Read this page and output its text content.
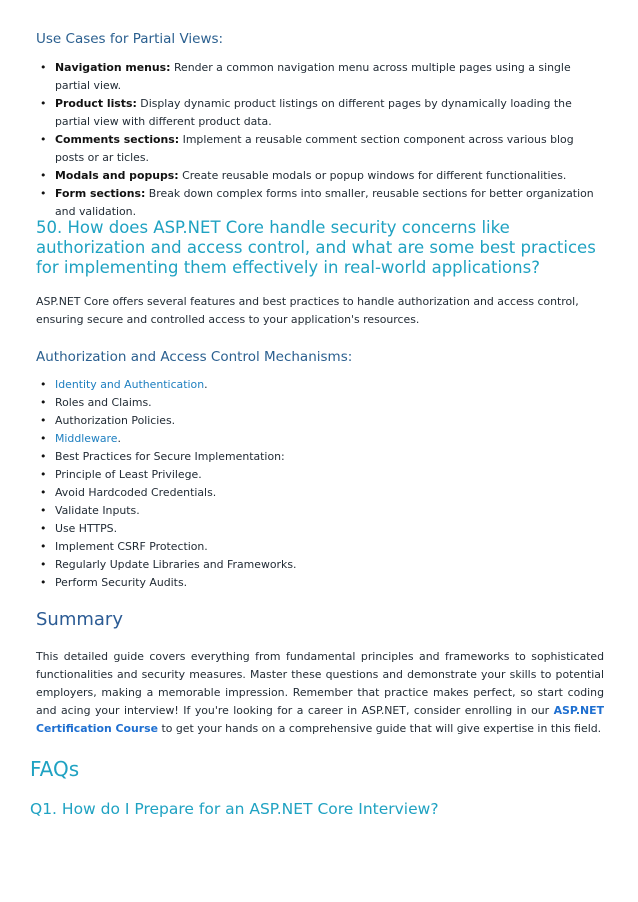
Use Cases for Partial Views:
• Navigation menus: Render a common navigation menu across multiple pages using a single partial view.
• Product lists: Display dynamic product listings on different pages by dynamically loading the partial view with different product data.
• Comments sections: Implement a reusable comment section component across various blog posts or ar ticles.
• Modals and popups: Create reusable modals or popup windows for different functionalities.
• Form sections: Break down complex forms into smaller, reusable sections for better organization and validation.
50. How does ASP.NET Core handle security concerns like authorization and access control, and what are some best practices for implementing them effectively in real-world applications?

ASP.NET Core offers several features and best practices to handle authorization and access control, ensuring secure and controlled access to your application's resources.

Authorization and Access Control Mechanisms:
• Identity and Authentication.
• Roles and Claims.
• Authorization Policies.
• Middleware.
• Best Practices for Secure Implementation:
• Principle of Least Privilege.
• Avoid Hardcoded Credentials.
• Validate Inputs.
• Use HTTPS.
• Implement CSRF Protection.
• Regularly Update Libraries and Frameworks.
• Perform Security Audits.
Summary

This detailed guide covers everything from fundamental principles and frameworks to sophisticated functionalities and security measures. Master these questions and demonstrate your skills to potential employers, making a memorable impression. Remember that practice makes perfect, so start coding and acing your interview! If you're looking for a career in ASP.NET, consider enrolling in our ASP.NET Certification Course to get your hands on a comprehensive guide that will give expertise in this field.

FAQs
Q1. How do I Prepare for an ASP.NET Core Interview?
